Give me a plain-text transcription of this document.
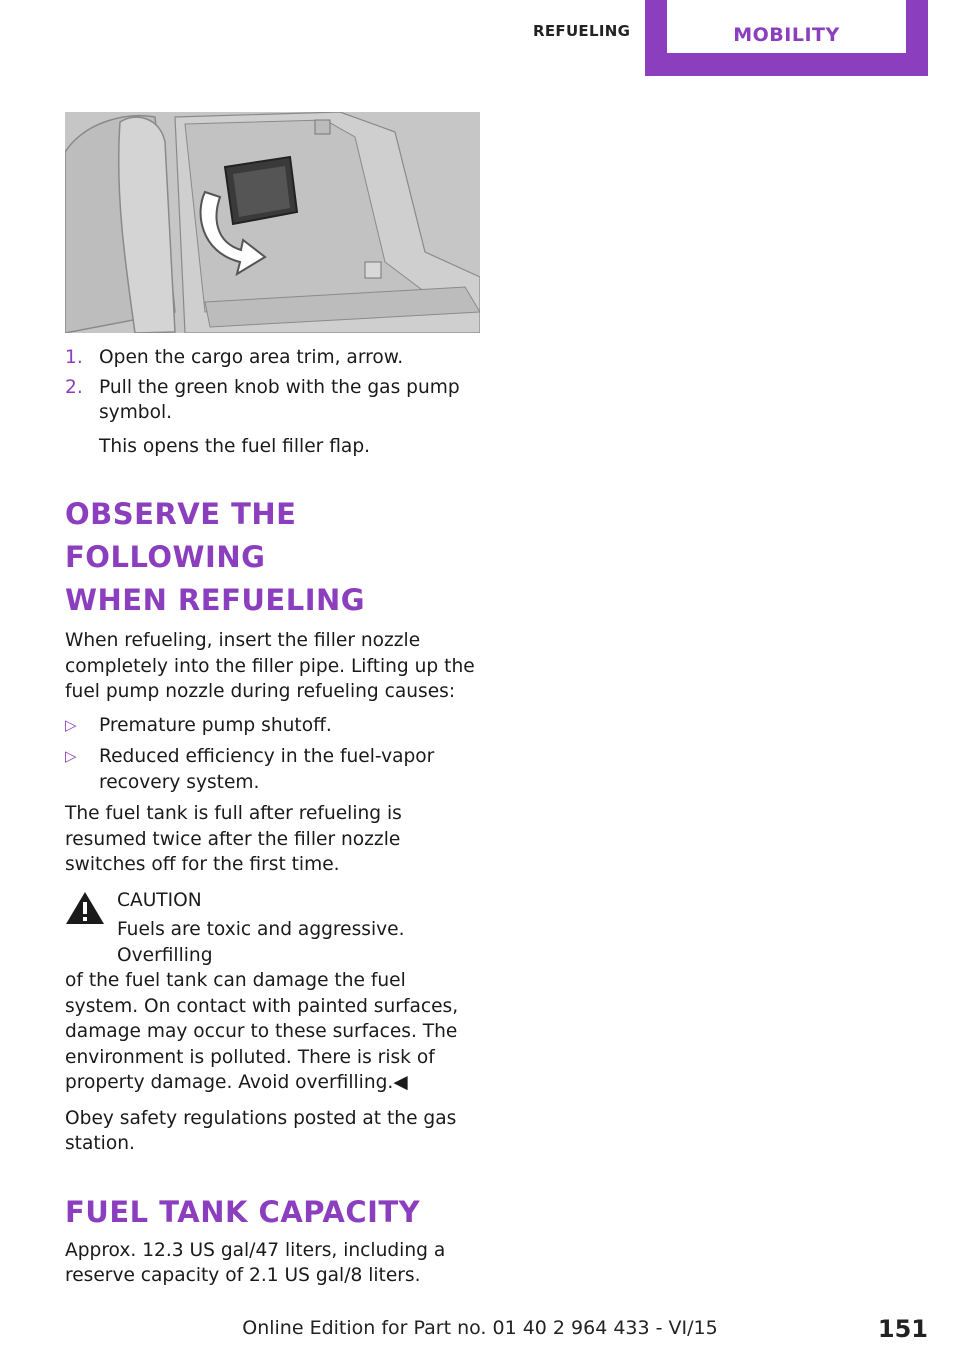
REFUELING	MOBILITY
1. Open the cargo area trim, arrow.
2. Pull the green knob with the gas pump symbol.
This opens the fuel filler flap.
OBSERVE THE FOLLOWING
WHEN REFUELING

When refueling, insert the filler nozzle completely into the filler pipe. Lifting up the fuel pump nozzle during refueling causes:

▷ Premature pump shutoff.
▷ Reduced efficiency in the fuel-vapor recovery system.

The fuel tank is full after refueling is resumed twice after the filler nozzle switches off for the first time.

CAUTION
Fuels are toxic and aggressive. Overfilling
of the fuel tank can damage the fuel system. On contact with painted surfaces, damage may occur to these surfaces. The environment is polluted. There is risk of property damage. Avoid overfilling.◀

Obey safety regulations posted at the gas station.

FUEL TANK CAPACITY

Approx. 12.3 US gal/47 liters, including a reserve capacity of 2.1 US gal/8 liters.

Online Edition for Part no. 01 40 2 964 433 - VI/15	151
